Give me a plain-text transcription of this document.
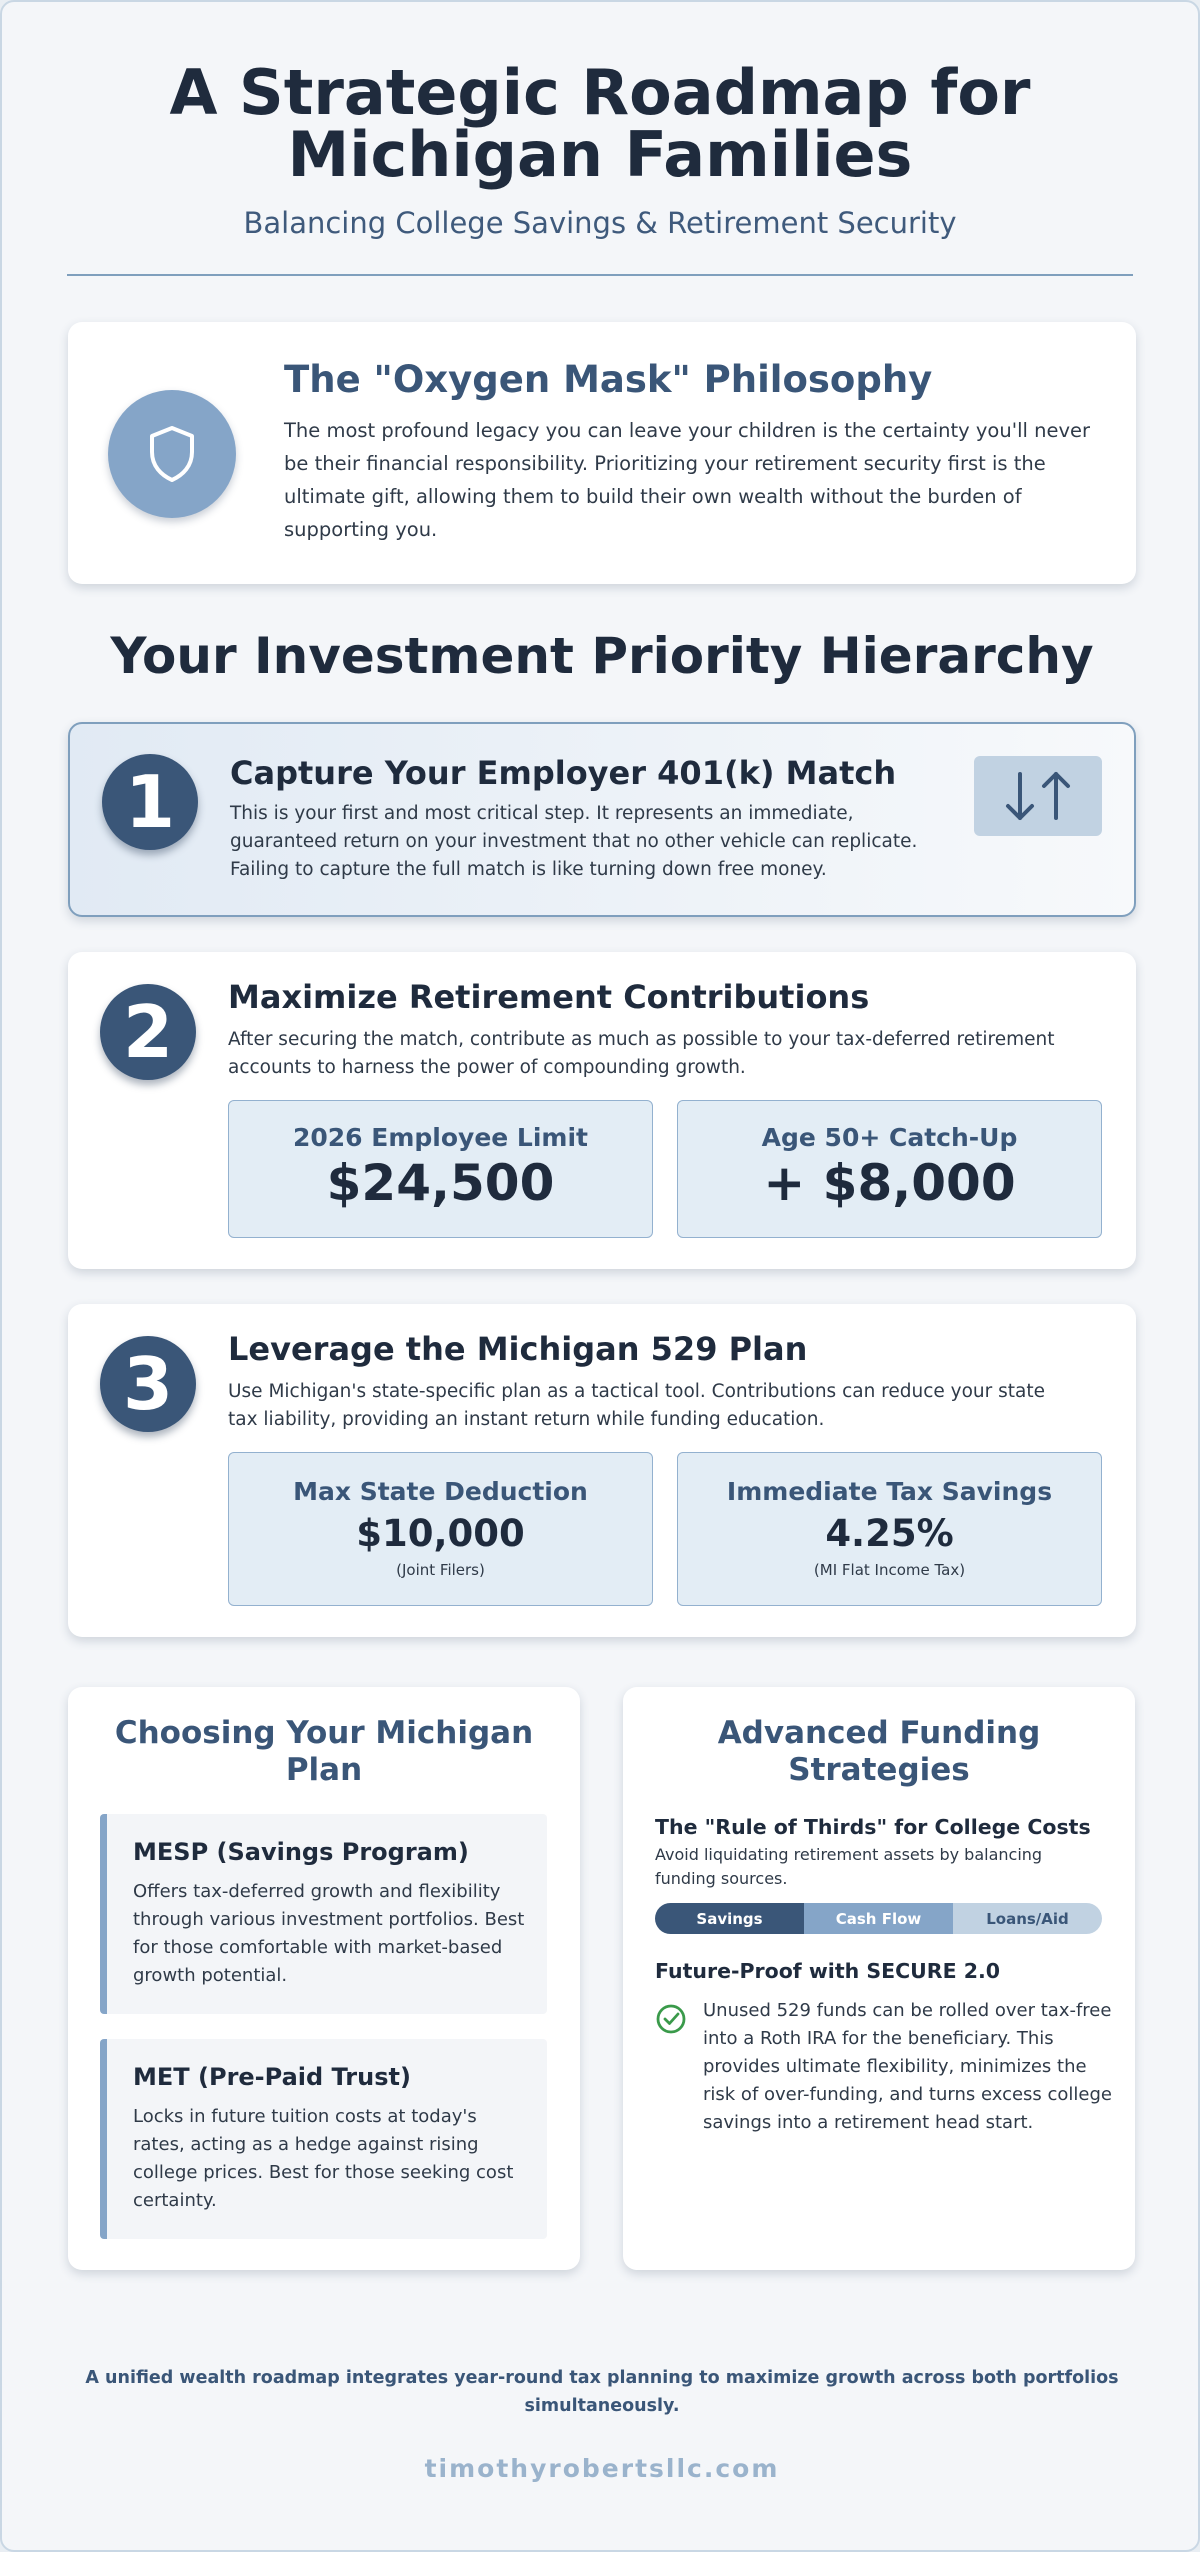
A Strategic Roadmap for Michigan Families
Balancing College Savings & Retirement Security
The "Oxygen Mask" Philosophy
The most profound legacy you can leave your children is the certainty you'll never be their financial responsibility. Prioritizing your retirement security first is the ultimate gift, allowing them to build their own wealth without the burden of supporting you.
Your Investment Priority Hierarchy
1	Capture Your Employer 401(k) Match
This is your first and most critical step. It represents an immediate, guaranteed return on your investment that no other vehicle can replicate. Failing to capture the full match is like turning down free money.
2	Maximize Retirement Contributions
After securing the match, contribute as much as possible to your tax-deferred retirement accounts to harness the power of compounding growth.
2026 Employee Limit
$24,500
Age 50+ Catch-Up
+ $8,000
3	Leverage the Michigan 529 Plan
Use Michigan's state-specific plan as a tactical tool. Contributions can reduce your state tax liability, providing an instant return while funding education.
Max State Deduction
$10,000
(Joint Filers)
Immediate Tax Savings
4.25%
(MI Flat Income Tax)
Choosing Your Michigan Plan
MESP (Savings Program)
Offers tax-deferred growth and flexibility through various investment portfolios. Best for those comfortable with market-based growth potential.
MET (Pre-Paid Trust)
Locks in future tuition costs at today's rates, acting as a hedge against rising college prices. Best for those seeking cost certainty.
Advanced Funding Strategies
The "Rule of Thirds" for College Costs
Avoid liquidating retirement assets by balancing funding sources.
Savings	Cash Flow	Loans/Aid
Future-Proof with SECURE 2.0
Unused 529 funds can be rolled over tax-free into a Roth IRA for the beneficiary. This provides ultimate flexibility, minimizes the risk of over-funding, and turns excess college savings into a retirement head start.
A unified wealth roadmap integrates year-round tax planning to maximize growth across both portfolios simultaneously.
timothyrobertsllc.com
